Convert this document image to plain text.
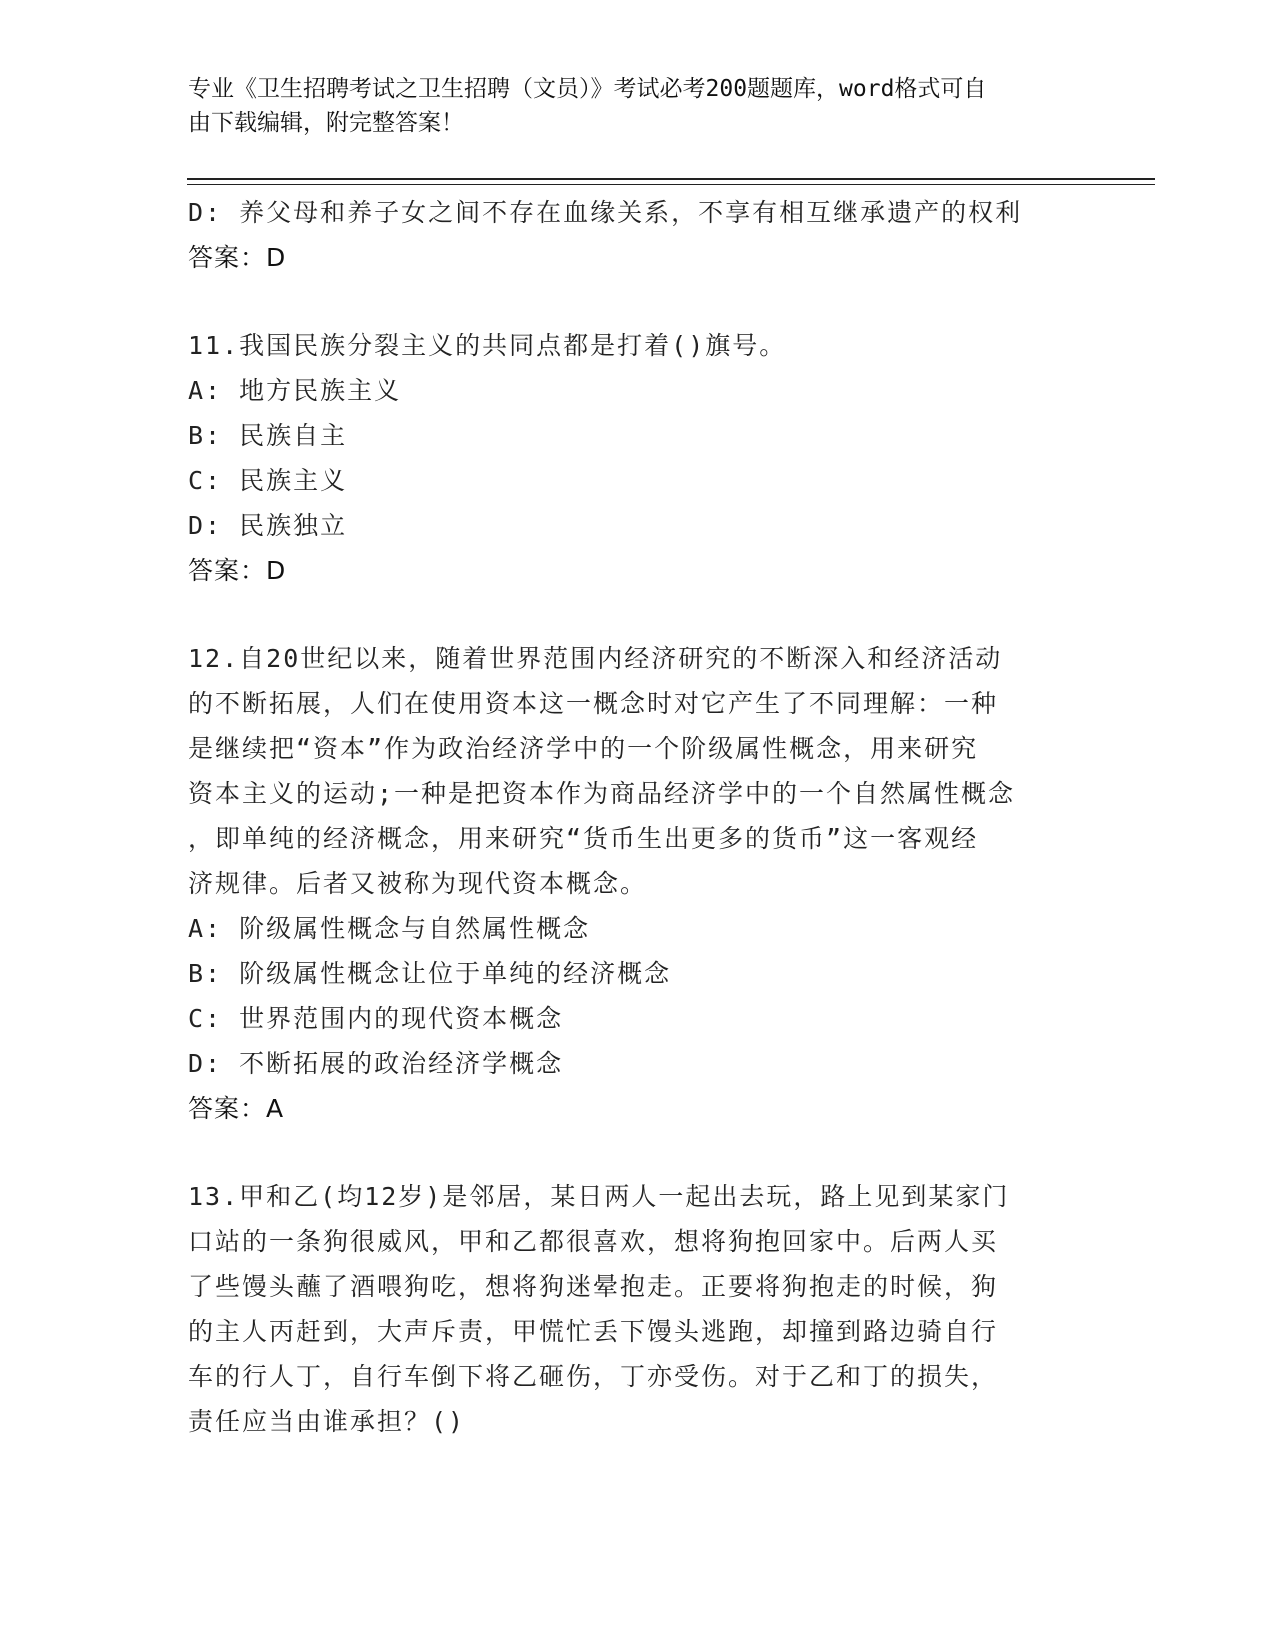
专业《卫生招聘考试之卫生招聘（文员）》考试必考200题题库，word格式可自
由下载编辑，附完整答案！
D: 养父母和养子女之间不存在血缘关系，不享有相互继承遗产的权利
答案：D
11.我国民族分裂主义的共同点都是打着()旗号。
A: 地方民族主义
B: 民族自主
C: 民族主义
D: 民族独立
答案：D
12.自20世纪以来，随着世界范围内经济研究的不断深入和经济活动
的不断拓展，人们在使用资本这一概念时对它产生了不同理解：一种
是继续把“资本”作为政治经济学中的一个阶级属性概念，用来研究
资本主义的运动;一种是把资本作为商品经济学中的一个自然属性概念
，即单纯的经济概念，用来研究“货币生出更多的货币”这一客观经
济规律。后者又被称为现代资本概念。
A: 阶级属性概念与自然属性概念
B: 阶级属性概念让位于单纯的经济概念
C: 世界范围内的现代资本概念
D: 不断拓展的政治经济学概念
答案：A
13.甲和乙(均12岁)是邻居，某日两人一起出去玩，路上见到某家门
口站的一条狗很威风，甲和乙都很喜欢，想将狗抱回家中。后两人买
了些馒头蘸了酒喂狗吃，想将狗迷晕抱走。正要将狗抱走的时候，狗
的主人丙赶到，大声斥责，甲慌忙丢下馒头逃跑，却撞到路边骑自行
车的行人丁，自行车倒下将乙砸伤，丁亦受伤。对于乙和丁的损失，
责任应当由谁承担？()
